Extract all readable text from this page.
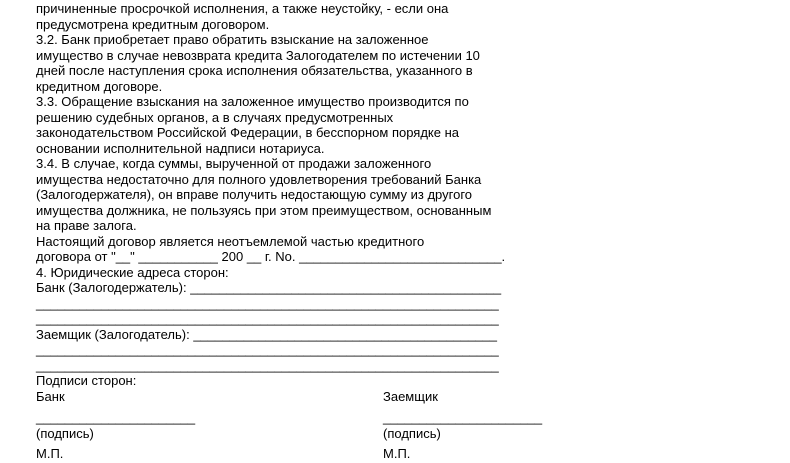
причиненные просрочкой исполнения, а также неустойку, - если она
предусмотрена кредитным договором.
3.2. Банк приобретает право обратить взыскание на заложенное
имущество в случае невозврата кредита Залогодателем по истечении 10
дней после наступления срока исполнения обязательства, указанного в
кредитном договоре.
3.3. Обращение взыскания на заложенное имущество производится по
решению судебных органов, а в случаях предусмотренных
законодательством Российской Федерации, в бесспорном порядке на
основании исполнительной надписи нотариуса.
3.4. В случае, когда суммы, вырученной от продажи заложенного
имущества недостаточно для полного удовлетворения требований Банка
(Залогодержателя), он вправе получить недостающую сумму из другого
имущества должника, не пользуясь при этом преимуществом, основанным
на праве залога.
Настоящий договор является неотъемлемой частью кредитного
договора от "__" ___________ 200 __ г. No. ____________________________.
4. Юридические адреса сторон:
Банк (Залогодержатель): ___________________________________________
________________________________________________________________
________________________________________________________________
Заемщик (Залогодатель): __________________________________________
________________________________________________________________
________________________________________________________________
Подписи сторон:
Банк
______________________
(подпись)
М.П.
Заемщик
______________________
(подпись)
М.П.
